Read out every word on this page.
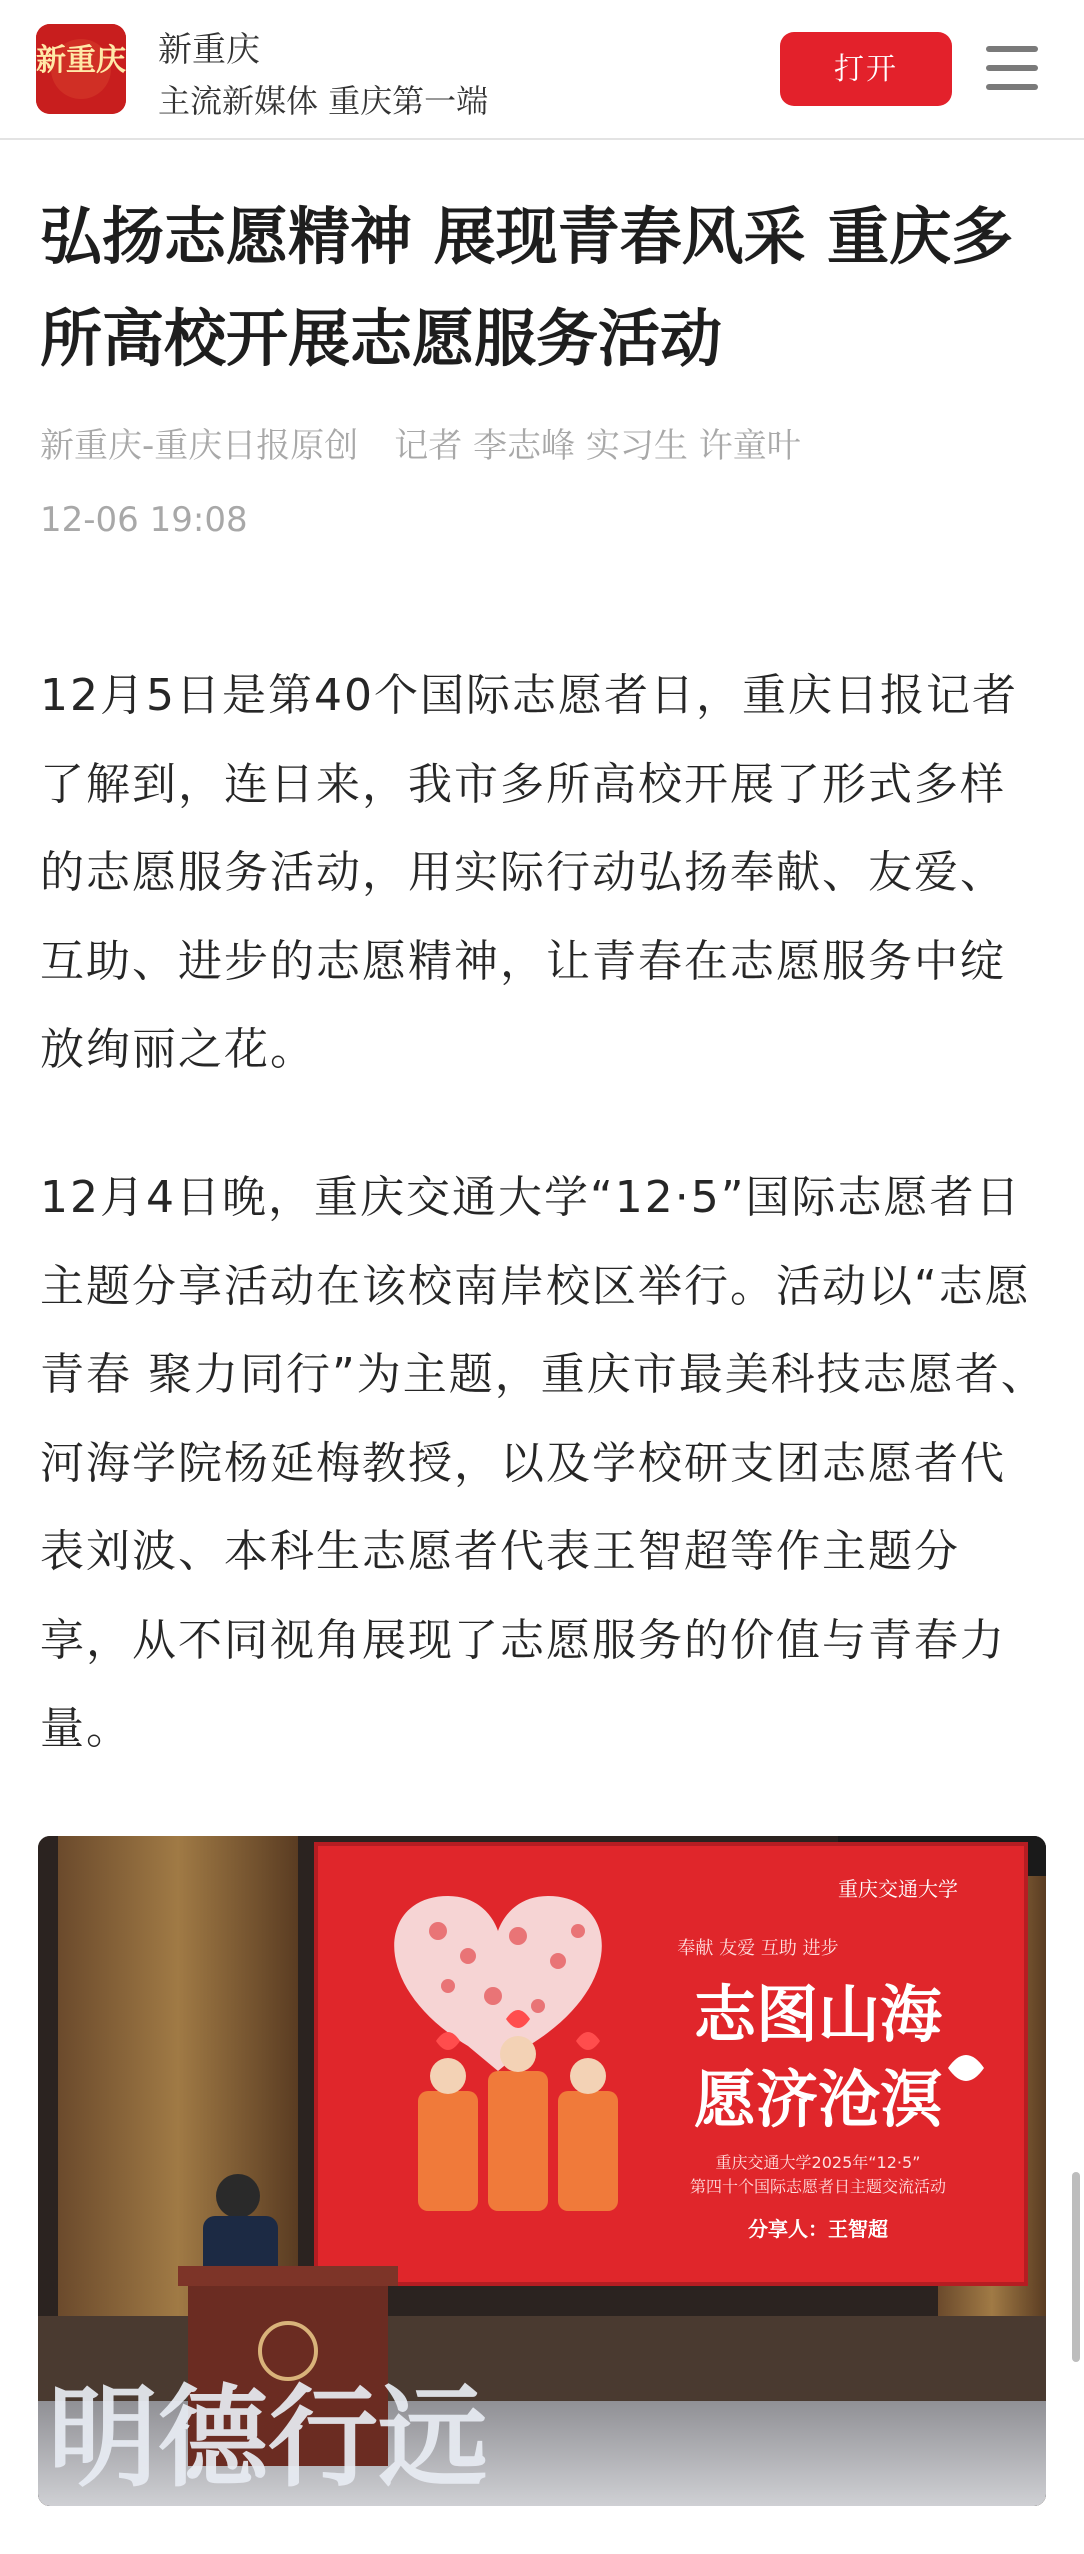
新重庆 新重庆
主流新媒体 重庆第一端
打开
弘扬志愿精神 展现青春风采 重庆多所高校开展志愿服务活动
新重庆-重庆日报原创 记者 李志峰 实习生 许童叶
12-06 19:08

12月5日是第40个国际志愿者日，重庆日报记者了解到，连日来，我市多所高校开展了形式多样的志愿服务活动，用实际行动弘扬奉献、友爱、互助、进步的志愿精神，让青春在志愿服务中绽放绚丽之花。

12月4日晚，重庆交通大学“12·5”国际志愿者日主题分享活动在该校南岸校区举行。活动以“志愿青春 聚力同行”为主题，重庆市最美科技志愿者、河海学院杨延梅教授，以及学校研支团志愿者代表刘波、本科生志愿者代表王智超等作主题分享，从不同视角展现了志愿服务的价值与青春力量。

重庆交通大学
奉献 友爱 互助 进步
志图山海
愿济沧溟
重庆交通大学2025年“12·5”
第四十个国际志愿者日主题交流活动
分享人：王智超
明德行远
